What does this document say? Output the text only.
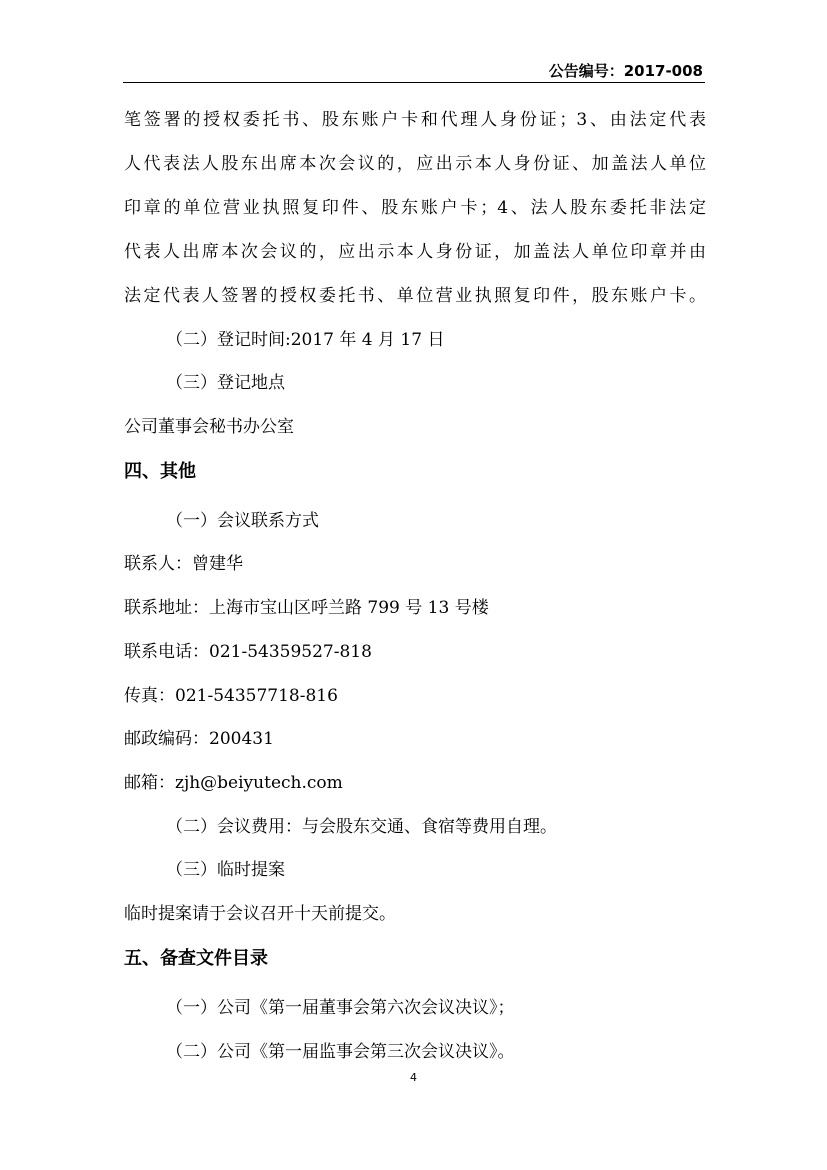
公告编号：2017-008
笔签署的授权委托书、股东账户卡和代理人身份证；3、由法定代表
人代表法人股东出席本次会议的，应出示本人身份证、加盖法人单位
印章的单位营业执照复印件、股东账户卡；4、法人股东委托非法定
代表人出席本次会议的，应出示本人身份证，加盖法人单位印章并由
法定代表人签署的授权委托书、单位营业执照复印件，股东账户卡。
（二）登记时间:2017 年 4 月 17 日
（三）登记地点
公司董事会秘书办公室
四、其他
（一）会议联系方式
联系人：曾建华
联系地址：上海市宝山区呼兰路 799 号 13 号楼
联系电话：021-54359527-818
传真：021-54357718-816
邮政编码：200431
邮箱：zjh@beiyutech.com
（二）会议费用：与会股东交通、食宿等费用自理。
（三）临时提案
临时提案请于会议召开十天前提交。
五、备查文件目录
（一）公司《第一届董事会第六次会议决议》；
（二）公司《第一届监事会第三次会议决议》。
4
